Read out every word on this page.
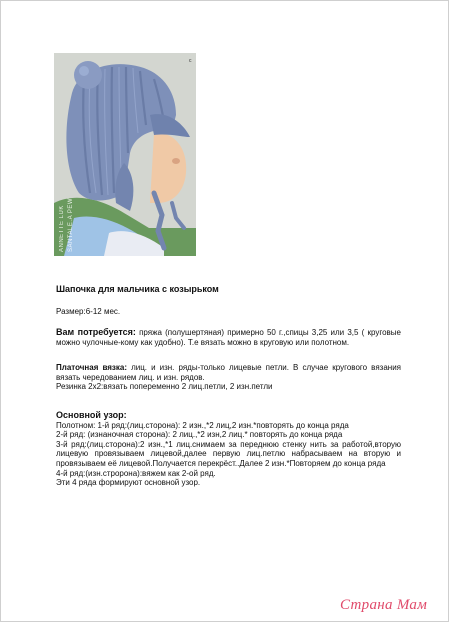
c
ANNETTE LUK SANTALE.A PEW
Шапочка для мальчика с козырьком
Размер:6-12 мес.

Вам потребуется: пряжа (полушертяная) примерно 50 г.,спицы 3,25 или 3,5 ( круговые можно чулочные-кому как удобно). Т.е вязать можно в круговую или полотном.

Платочная вязка: лиц. и изн. ряды-только лицевые петли. В случае кругового вязания вязать чередованием лиц. и изн. рядов.

Резинка 2х2:вязать попеременно 2 лиц.петли, 2 изн.петли

Основной узор:

Полотном: 1-й ряд:(лиц.сторона): 2 изн.,*2 лиц,2 изн.*повторять до конца ряда

2-й ряд: (изнаночная сторона): 2 лиц.,*2 изн,2 лиц.* повторять до конца ряда

3-й ряд:(лиц.сторона):2 изн.,*1 лиц.снимаем за переднюю стенку нить за работой,вторую лицевую провязываем лицевой,далее первую лиц.петлю набрасываем на вторую и провязываем её лицевой.Получается перекрёст..Далее 2 изн.*Повторяем до конца ряда

4-й ряд:(изн.стророна):вяжем как 2-ой ряд.

Эти 4 ряда формируют основной узор.

Страна Мам
